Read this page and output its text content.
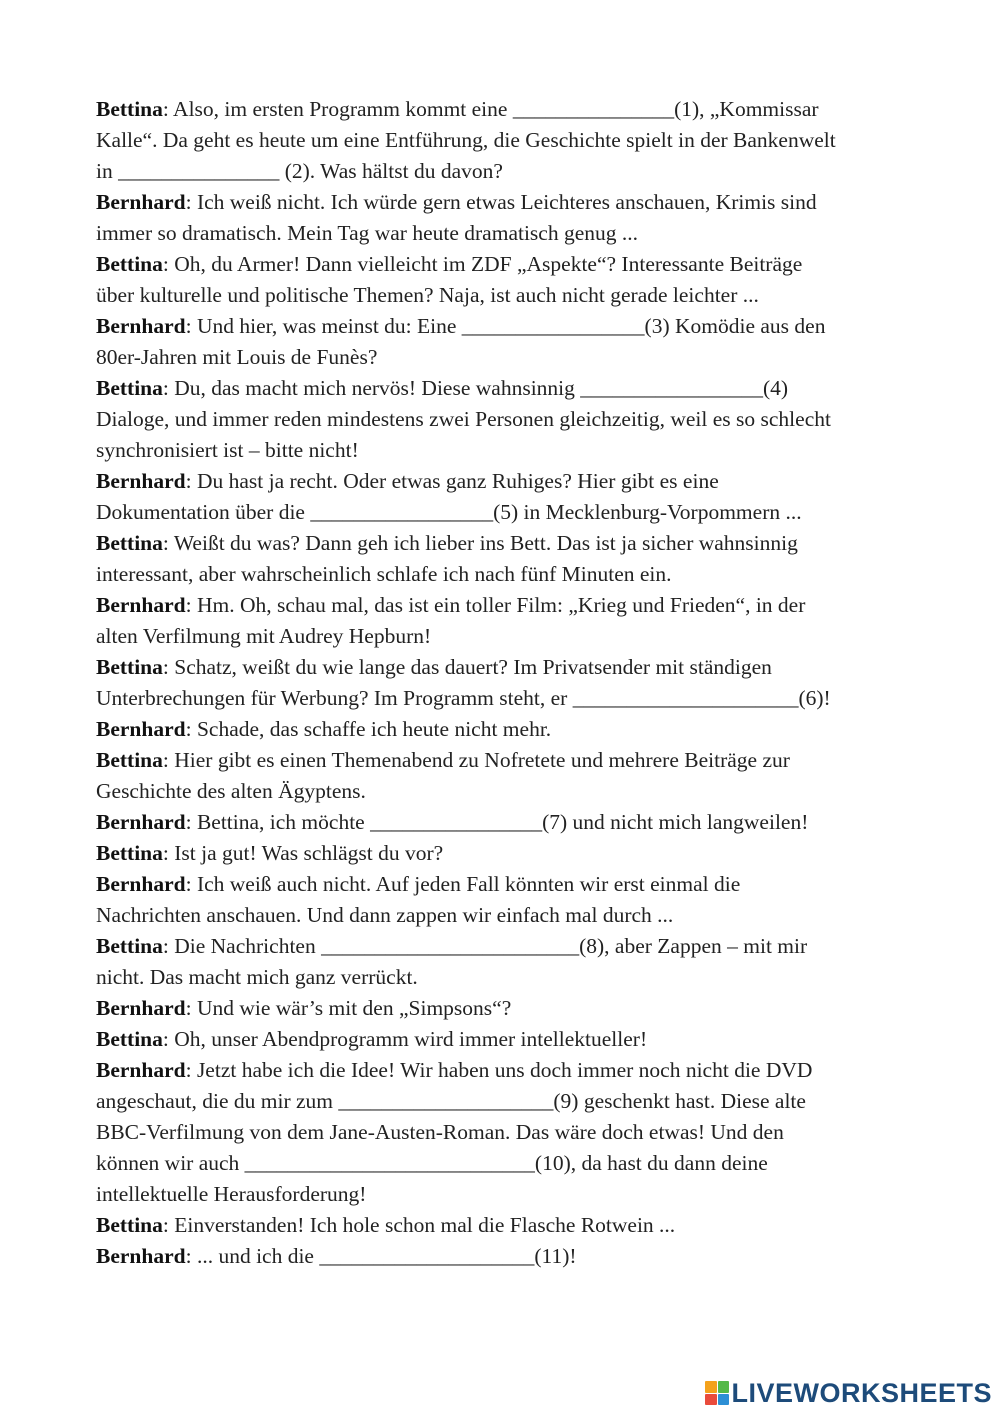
Bettina: Also, im ersten Programm kommt eine _______________(1), „Kommissar
Kalle“. Da geht es heute um eine Entführung, die Geschichte spielt in der Bankenwelt
in _______________ (2). Was hältst du davon?
Bernhard: Ich weiß nicht. Ich würde gern etwas Leichteres anschauen, Krimis sind
immer so dramatisch. Mein Tag war heute dramatisch genug ...
Bettina: Oh, du Armer! Dann vielleicht im ZDF „Aspekte“? Interessante Beiträge
über kulturelle und politische Themen? Naja, ist auch nicht gerade leichter ...
Bernhard: Und hier, was meinst du: Eine _________________(3) Komödie aus den
80er-Jahren mit Louis de Funès?
Bettina: Du, das macht mich nervös! Diese wahnsinnig _________________(4)
Dialoge, und immer reden mindestens zwei Personen gleichzeitig, weil es so schlecht
synchronisiert ist – bitte nicht!
Bernhard: Du hast ja recht. Oder etwas ganz Ruhiges? Hier gibt es eine
Dokumentation über die _________________(5) in Mecklenburg-Vorpommern ...
Bettina: Weißt du was? Dann geh ich lieber ins Bett. Das ist ja sicher wahnsinnig
interessant, aber wahrscheinlich schlafe ich nach fünf Minuten ein.
Bernhard: Hm. Oh, schau mal, das ist ein toller Film: „Krieg und Frieden“, in der
alten Verfilmung mit Audrey Hepburn!
Bettina: Schatz, weißt du wie lange das dauert? Im Privatsender mit ständigen
Unterbrechungen für Werbung? Im Programm steht, er _____________________(6)!
Bernhard: Schade, das schaffe ich heute nicht mehr.
Bettina: Hier gibt es einen Themenabend zu Nofretete und mehrere Beiträge zur
Geschichte des alten Ägyptens.
Bernhard: Bettina, ich möchte ________________(7) und nicht mich langweilen!
Bettina: Ist ja gut! Was schlägst du vor?
Bernhard: Ich weiß auch nicht. Auf jeden Fall könnten wir erst einmal die
Nachrichten anschauen. Und dann zappen wir einfach mal durch ...
Bettina: Die Nachrichten ________________________(8), aber Zappen – mit mir
nicht. Das macht mich ganz verrückt.
Bernhard: Und wie wär’s mit den „Simpsons“?
Bettina: Oh, unser Abendprogramm wird immer intellektueller!
Bernhard: Jetzt habe ich die Idee! Wir haben uns doch immer noch nicht die DVD
angeschaut, die du mir zum ____________________(9) geschenkt hast. Diese alte
BBC-Verfilmung von dem Jane-Austen-Roman. Das wäre doch etwas! Und den
können wir auch ___________________________(10), da hast du dann deine
intellektuelle Herausforderung!
Bettina: Einverstanden! Ich hole schon mal die Flasche Rotwein ...
Bernhard: ... und ich die ____________________(11)!
LIVEWORKSHEETS
